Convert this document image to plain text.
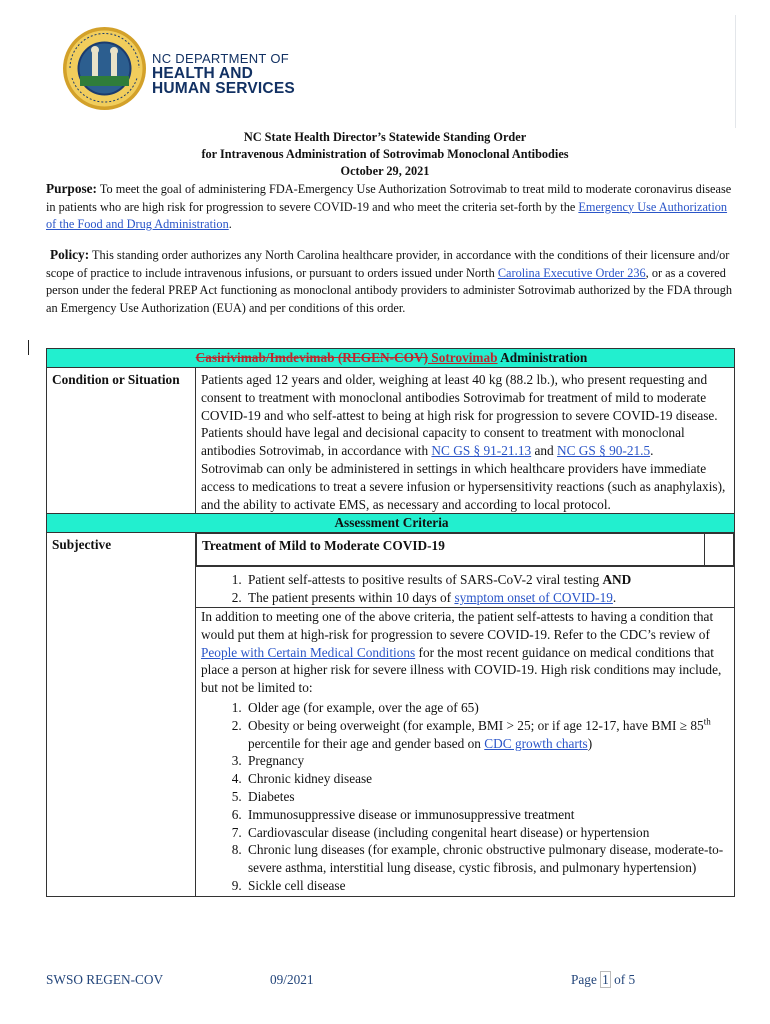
NC DEPARTMENT OF
HEALTH AND
HUMAN SERVICES
NC State Health Director’s Statewide Standing Order
for Intravenous Administration of Sotrovimab Monoclonal Antibodies
October 29, 2021
Purpose: To meet the goal of administering FDA-Emergency Use Authorization Sotrovimab to treat mild to moderate coronavirus disease in patients who are high risk for progression to severe COVID-19 and who meet the criteria set-forth by the Emergency Use Authorization of the Food and Drug Administration.
Policy: This standing order authorizes any North Carolina healthcare provider, in accordance with the conditions of their licensure and/or scope of practice to include intravenous infusions, or pursuant to orders issued under North Carolina Executive Order 236, or as a covered person under the federal PREP Act functioning as monoclonal antibody providers to administer Sotrovimab authorized by the FDA through an Emergency Use Authorization (EUA) and per conditions of this order.
Casirivimab/Imdevimab (REGEN-COV) Sotrovimab Administration
Condition or Situation	Patients aged 12 years and older, weighing at least 40 kg (88.2 lb.), who present requesting and consent to treatment with monoclonal antibodies Sotrovimab for treatment of mild to moderate COVID-19 and who self-attest to being at high risk for progression to severe COVID-19 disease. Patients should have legal and decisional capacity to consent to treatment with monoclonal antibodies Sotrovimab, in accordance with NC GS § 91-21.13 and NC GS § 90-21.5.
Sotrovimab can only be administered in settings in which healthcare providers have immediate access to medications to treat a severe infusion or hypersensitivity reactions (such as anaphylaxis), and the ability to activate EMS, as necessary and according to local protocol.

Assessment Criteria
Subjective		Treatment of Mild to Moderate COVID-19	

1. Patient self-attests to positive results of SARS-CoV-2 viral testing AND
2. The patient presents within 10 days of symptom onset of COVID-19.

In addition to meeting one of the above criteria, the patient self-attests to having a condition that would put them at high-risk for progression to severe COVID-19. Refer to the CDC’s review of People with Certain Medical Conditions for the most recent guidance on medical conditions that place a person at higher risk for severe illness with COVID-19. High risk conditions may include, but not be limited to:
1. Older age (for example, over the age of 65)
2. Obesity or being overweight (for example, BMI > 25; or if age 12-17, have BMI ≥ 85th percentile for their age and gender based on CDC growth charts)
3. Pregnancy
4. Chronic kidney disease
5. Diabetes
6. Immunosuppressive disease or immunosuppressive treatment
7. Cardiovascular disease (including congenital heart disease) or hypertension
8. Chronic lung diseases (for example, chronic obstructive pulmonary disease, moderate-to-severe asthma, interstitial lung disease, cystic fibrosis, and pulmonary hypertension)
9. Sickle cell disease
SWSO REGEN-COV	09/2021	Page 1 of 5
